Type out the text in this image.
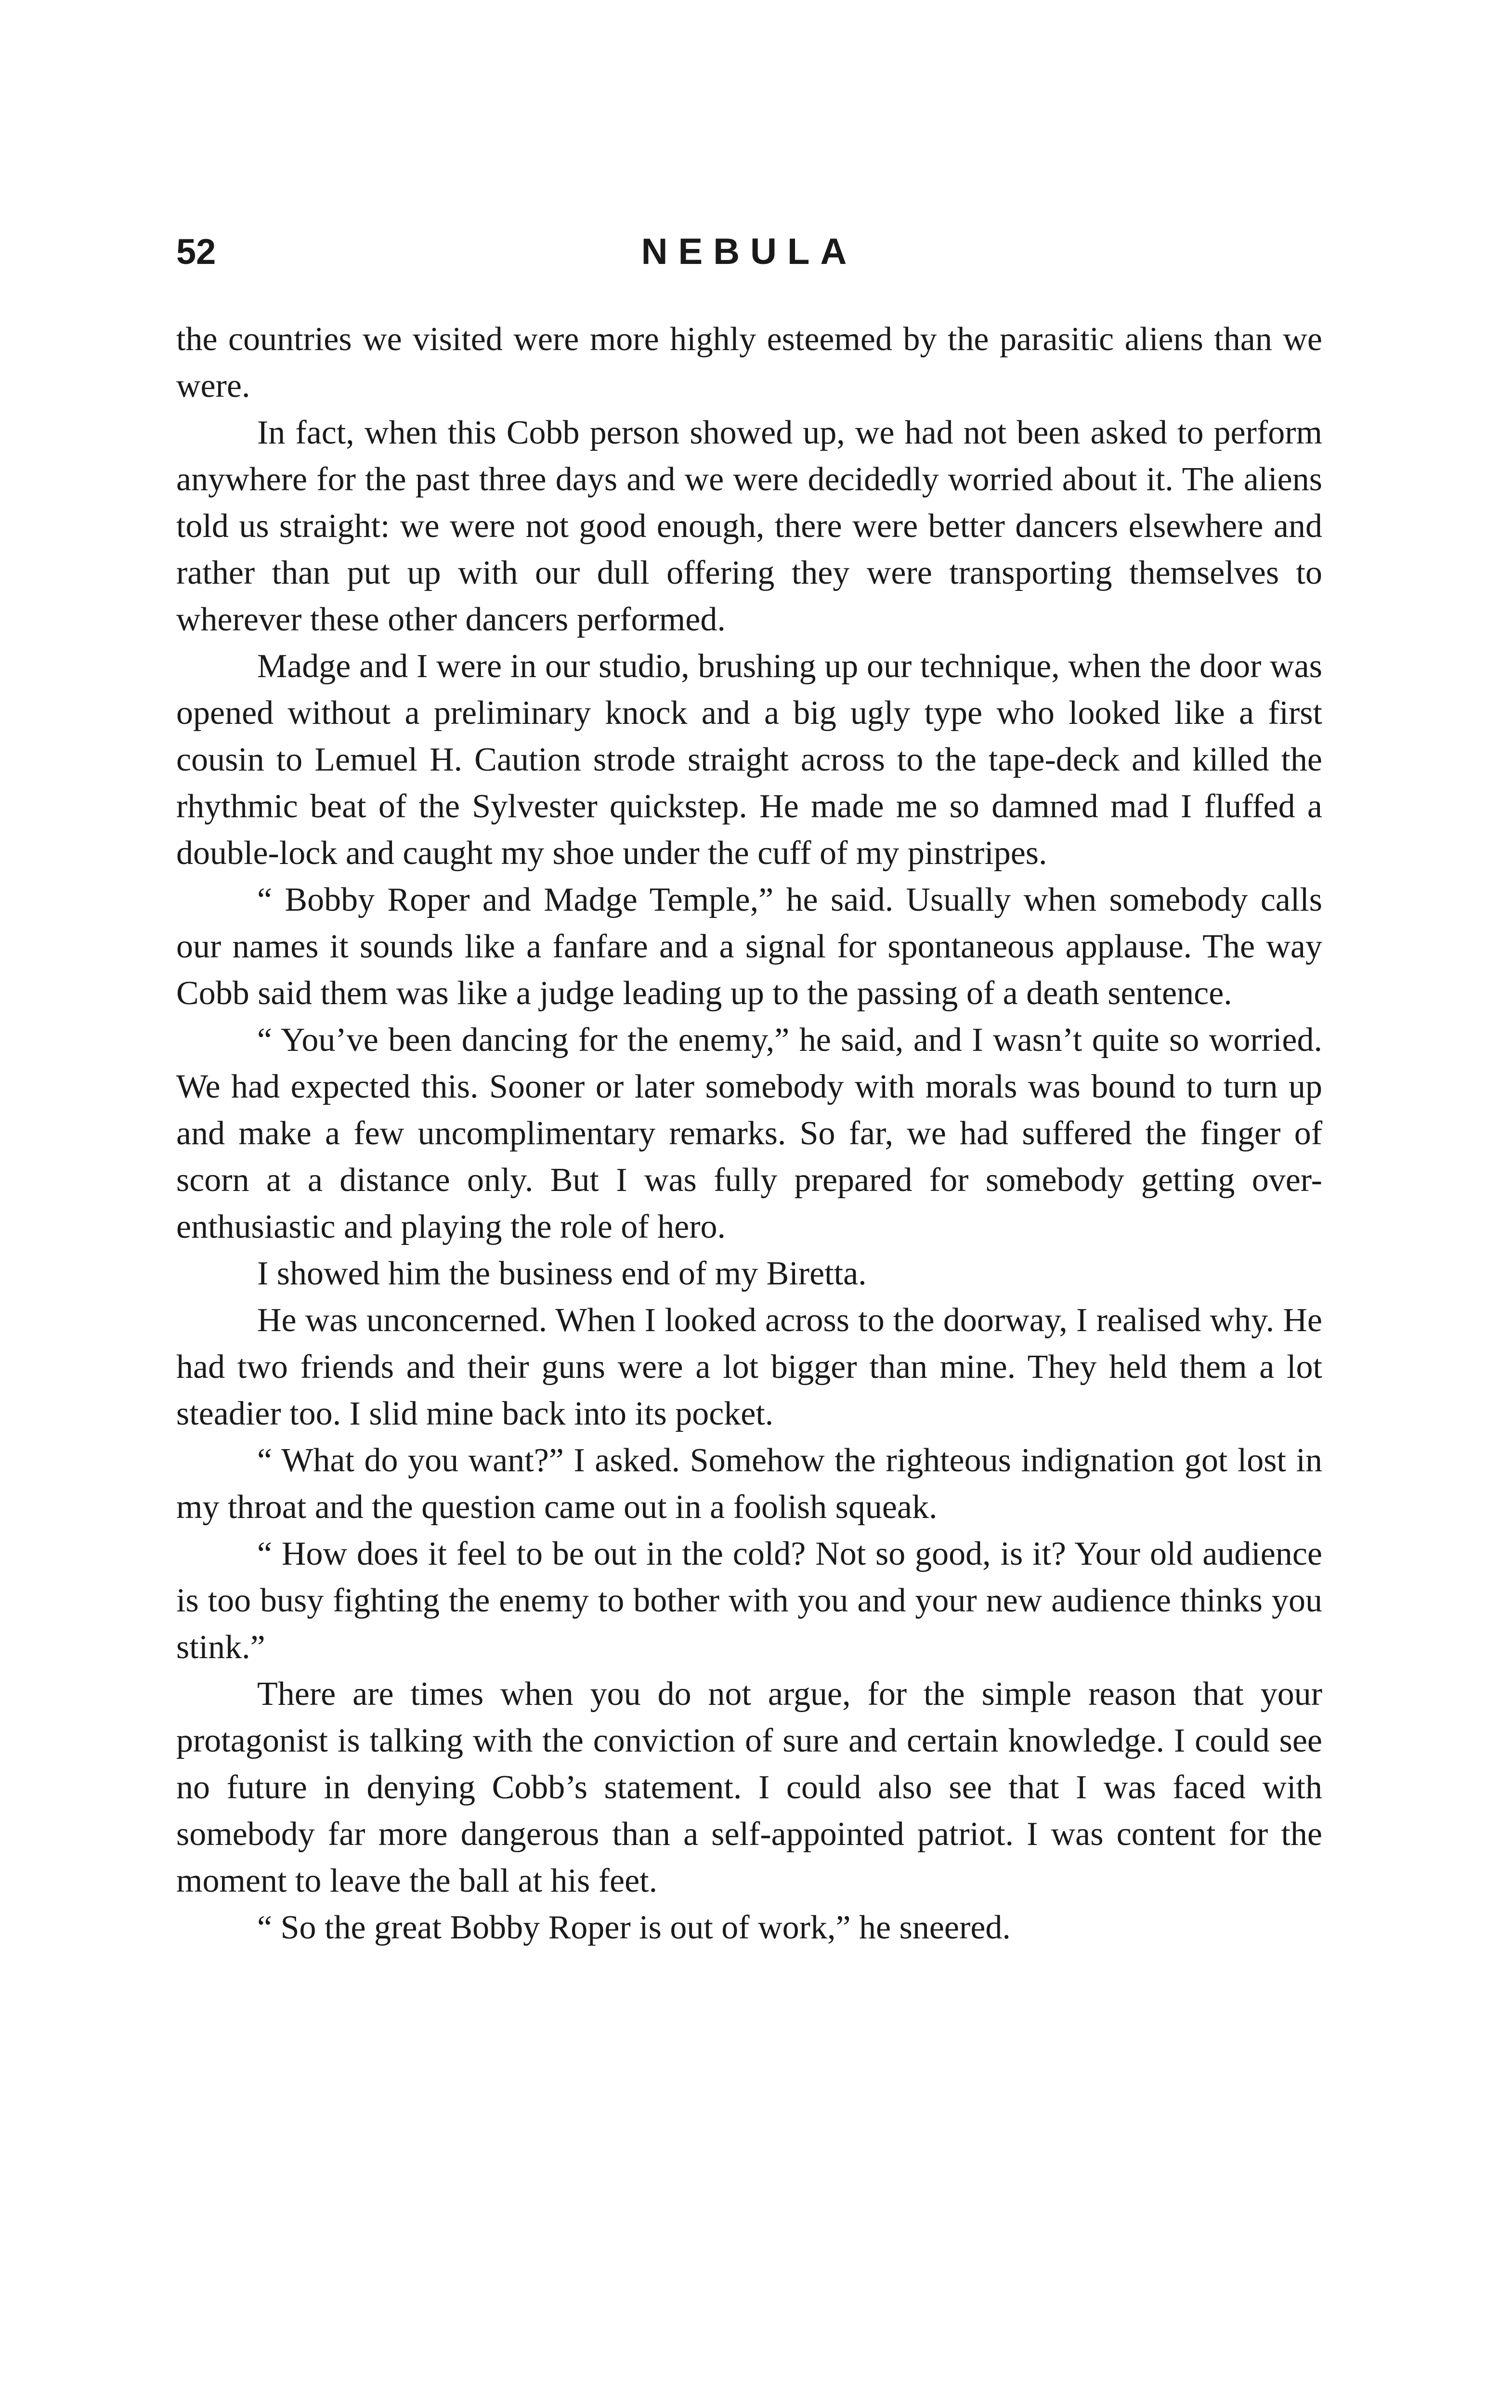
52	NEBULA

the countries we visited were more highly esteemed by the parasitic aliens than we were.

In fact, when this Cobb person showed up, we had not been asked to perform anywhere for the past three days and we were decidedly worried about it. The aliens told us straight: we were not good enough, there were better dancers elsewhere and rather than put up with our dull offering they were transporting themselves to wherever these other dancers performed.

Madge and I were in our studio, brushing up our technique, when the door was opened without a preliminary knock and a big ugly type who looked like a first cousin to Lemuel H. Caution strode straight across to the tape-deck and killed the rhythmic beat of the Sylvester quickstep. He made me so damned mad I fluffed a double-lock and caught my shoe under the cuff of my pinstripes.

“ Bobby Roper and Madge Temple,” he said. Usually when somebody calls our names it sounds like a fanfare and a signal for spontaneous applause. The way Cobb said them was like a judge leading up to the passing of a death sentence.

“ You’ve been dancing for the enemy,” he said, and I wasn’t quite so worried. We had expected this. Sooner or later somebody with morals was bound to turn up and make a few uncomplimentary remarks. So far, we had suffered the finger of scorn at a distance only. But I was fully prepared for somebody getting over-enthusiastic and playing the role of hero.

I showed him the business end of my Biretta.

He was unconcerned. When I looked across to the doorway, I realised why. He had two friends and their guns were a lot bigger than mine. They held them a lot steadier too. I slid mine back into its pocket.

“ What do you want?” I asked. Somehow the righteous indignation got lost in my throat and the question came out in a foolish squeak.

“ How does it feel to be out in the cold? Not so good, is it? Your old audience is too busy fighting the enemy to bother with you and your new audience thinks you stink.”

There are times when you do not argue, for the simple reason that your protagonist is talking with the conviction of sure and certain knowledge. I could see no future in denying Cobb’s statement. I could also see that I was faced with somebody far more dangerous than a self-appointed patriot. I was content for the moment to leave the ball at his feet.

“ So the great Bobby Roper is out of work,” he sneered.
